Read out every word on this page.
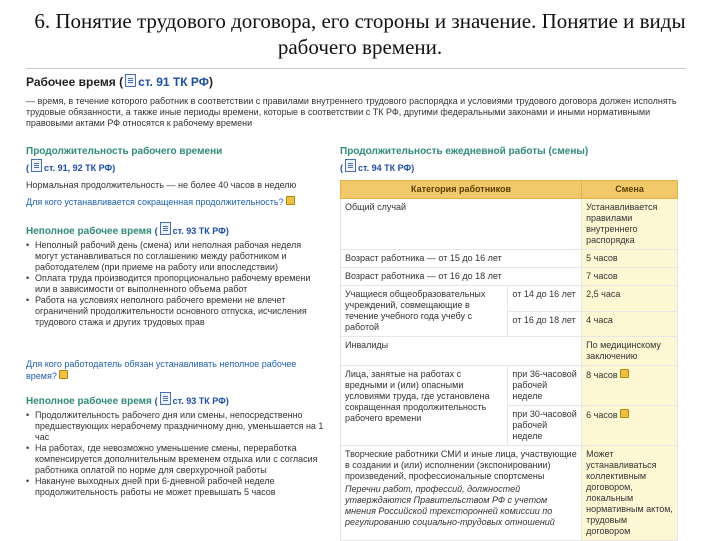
6. Понятие трудового договора, его стороны и значение. Понятие и виды рабочего времени.
Рабочее время ( ст. 91 ТК РФ)
— время, в течение которого работник в соответствии с правилами внутреннего трудового распорядка и условиями трудового договора должен исполнять трудовые обязанности, а также иные периоды времени, которые в соответствии с ТК РФ, другими федеральными законами и иными нормативными правовыми актами РФ относятся к рабочему времени
Продолжительность рабочего времени
( ст. 91, 92 ТК РФ)
Нормальная продолжительность — не более 40 часов в неделю
Для кого устанавливается сокращенная продолжительность?
Неполное рабочее время ( ст. 93 ТК РФ)
• Неполный рабочий день (смена) или неполная рабочая неделя могут устанавливаться по соглашению между работником и работодателем (при приеме на работу или впоследствии)
• Оплата труда производится пропорционально рабочему времени или в зависимости от выполненного объема работ
• Работа на условиях неполного рабочего времени не влечет ограничений продолжительности основного отпуска, исчисления трудового стажа и других трудовых прав
Для кого работодатель обязан устанавливать неполное рабочее время?
Неполное рабочее время ( ст. 93 ТК РФ)
• Продолжительность рабочего дня или смены, непосредственно предшествующих нерабочему праздничному дню, уменьшается на 1 час
• На работах, где невозможно уменьшение смены, переработка компенсируется дополнительным временем отдыха или с согласия работника оплатой по норме для сверхурочной работы
• Накануне выходных дней при 6-дневной рабочей неделе продолжительность работы не может превышать 5 часов
Продолжительность ежедневной работы (смены)
( ст. 94 ТК РФ)
Категория работников		Смена
Общий случай		Устанавливается правилами внутреннего распорядка
Возраст работника — от 15 до 16 лет		5 часов
Возраст работника — от 16 до 18 лет		7 часов
Учащиеся общеобразовательных учреждений, совмещающие в течение учебного года учебу с работой	от 14 до 16 лет	2,5 часа
	от 16 до 18 лет	4 часа
Инвалиды		По медицинскому заключению
Лица, занятые на работах с вредными и (или) опасными условиями труда, где установлена сокращенная продолжительность рабочего времени	при 36-часовой рабочей неделе	8 часов
	при 30-часовой рабочей неделе	6 часов

Творческие работники СМИ и иные лица, участвующие в создании и (или) исполнении (экспонировании) произведений, профессиональные спортсмены
Перечни работ, профессий, должностей утверждаются Правительством РФ с учетом мнения Российской трехсторонней комиссии по регулированию социально-трудовых отношений		Может устанавливаться коллективным договором, локальным нормативным актом, трудовым договором
